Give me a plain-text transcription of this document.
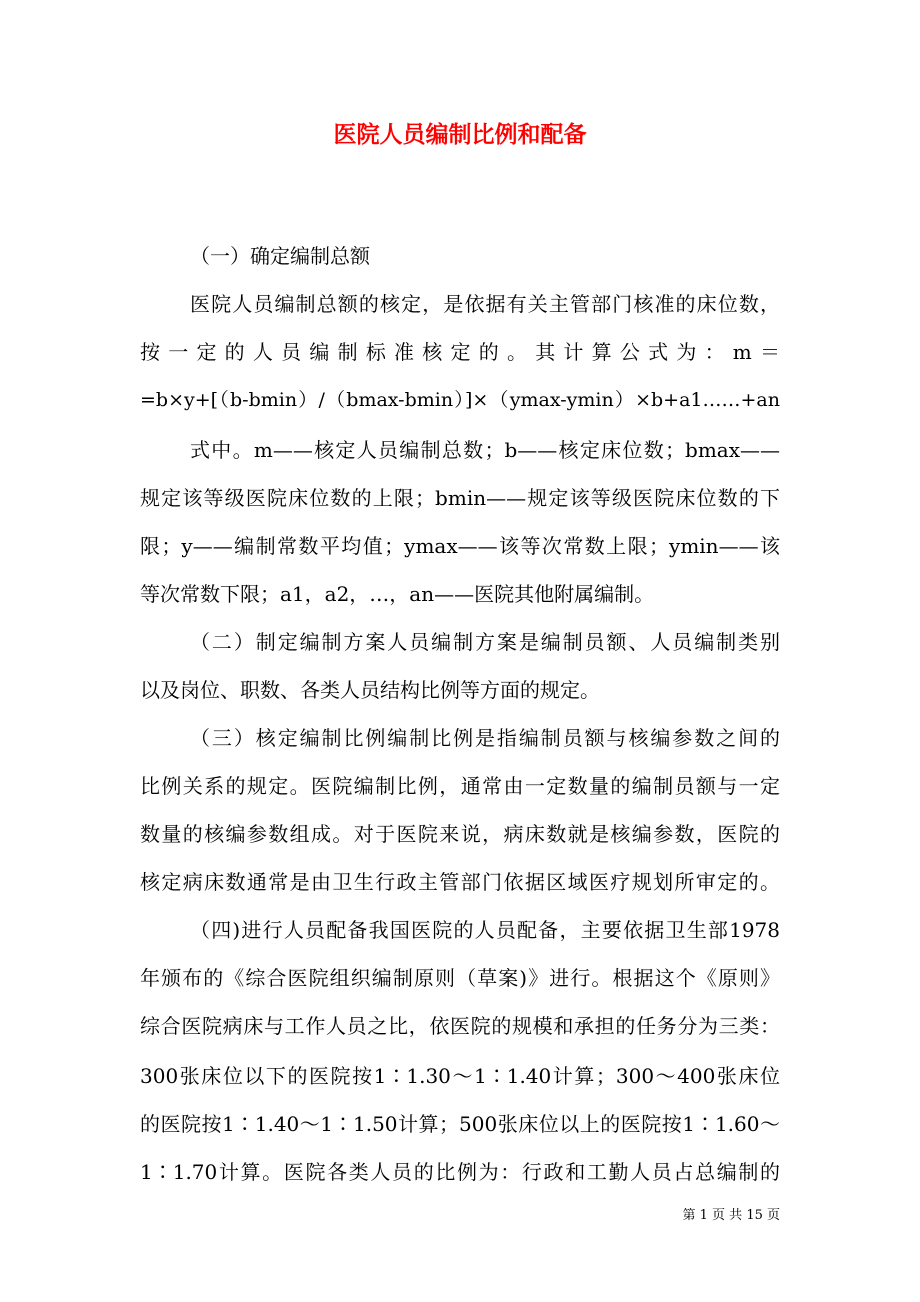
医院人员编制比例和配备
（一）确定编制总额
医院人员编制总额的核定，是依据有关主管部门核准的床位数，
按一定的人员编制标准核定的。其计算公式为：m＝
=b×y+[（b-bmin）/（bmax-bmin）]×（ymax-ymin）×b+a1……+an
式中。m——核定人员编制总数；b——核定床位数；bmax——
规定该等级医院床位数的上限；bmin——规定该等级医院床位数的下
限；y——编制常数平均值；ymax——该等次常数上限；ymin——该
等次常数下限；a1，a2，…，an——医院其他附属编制。
（二）制定编制方案人员编制方案是编制员额、人员编制类别
以及岗位、职数、各类人员结构比例等方面的规定。
（三）核定编制比例编制比例是指编制员额与核编参数之间的
比例关系的规定。医院编制比例，通常由一定数量的编制员额与一定
数量的核编参数组成。对于医院来说，病床数就是核编参数，医院的
核定病床数通常是由卫生行政主管部门依据区域医疗规划所审定的。
（四)进行人员配备我国医院的人员配备，主要依据卫生部1978
年颁布的《综合医院组织编制原则（草案)》进行。根据这个《原则》
综合医院病床与工作人员之比，依医院的规模和承担的任务分为三类：
300张床位以下的医院按1∶1.30～1∶1.40计算；300～400张床位
的医院按1∶1.40～1∶1.50计算；500张床位以上的医院按1∶1.60～
1∶1.70计算。医院各类人员的比例为：行政和工勤人员占总编制的
第 1 页 共 15 页
